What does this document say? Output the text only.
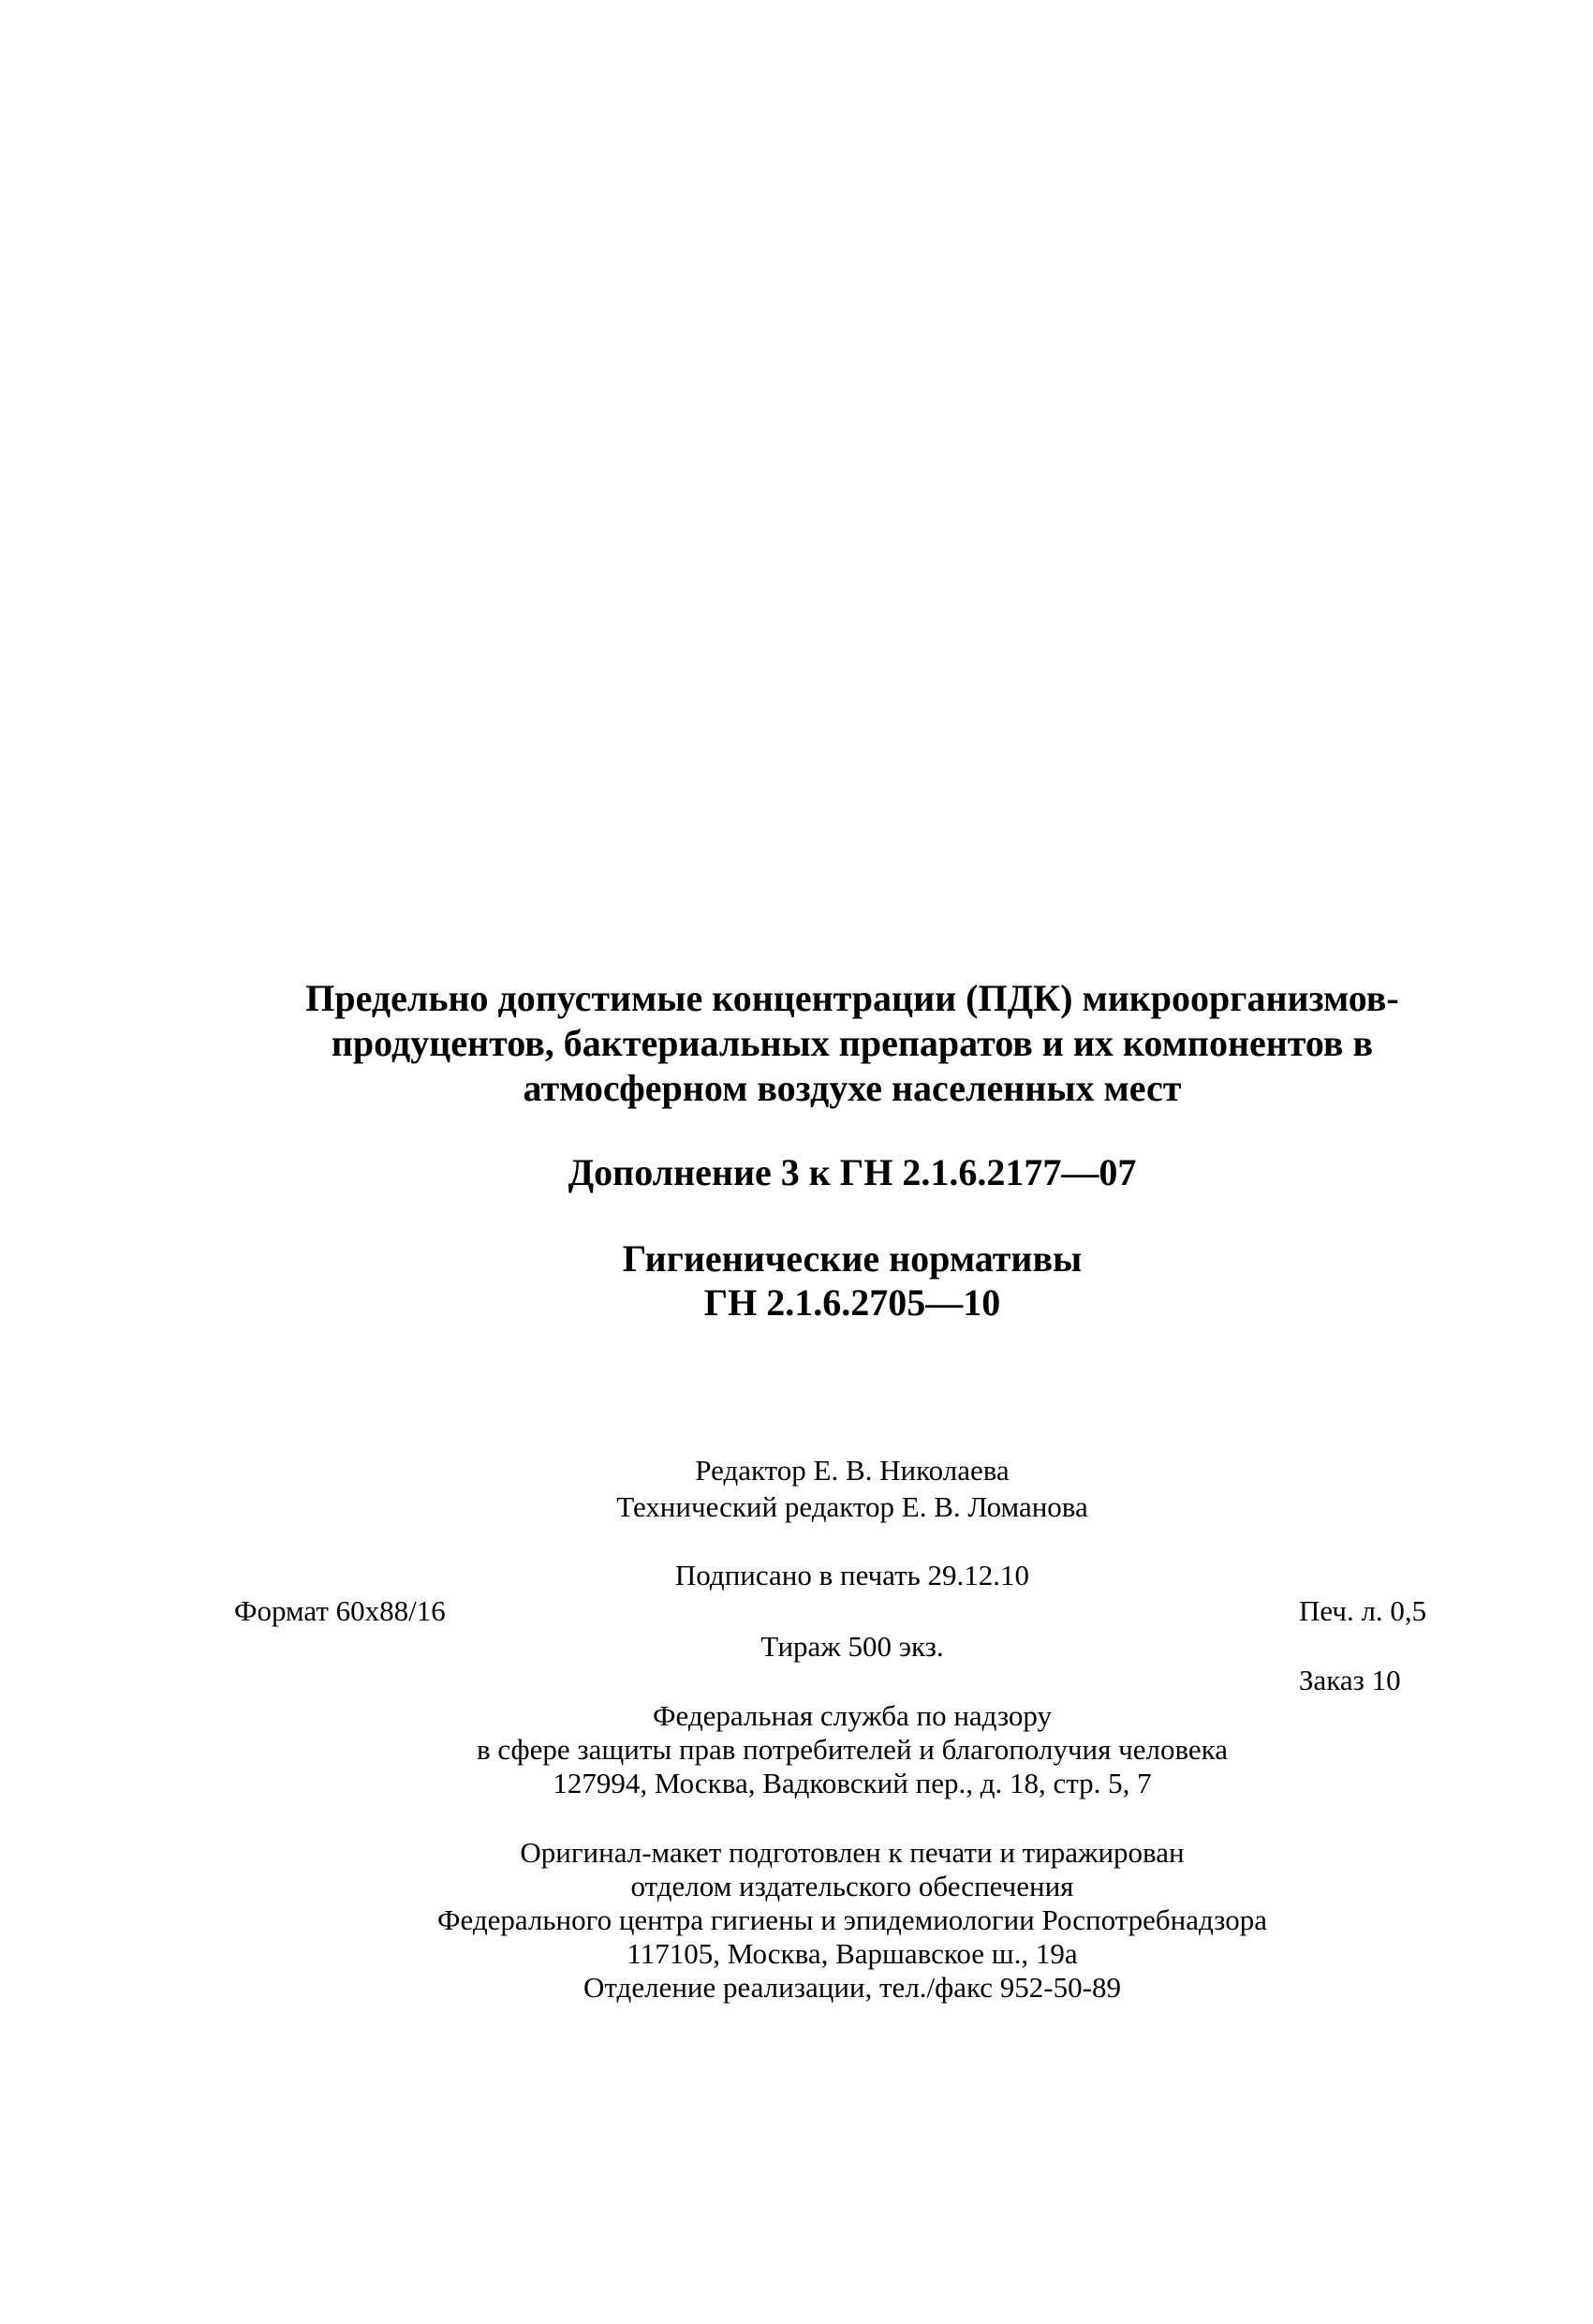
Предельно допустимые концентрации (ПДК) микроорганизмов-
продуцентов, бактериальных препаратов и их компонентов в
атмосферном воздухе населенных мест
Дополнение 3 к ГН 2.1.6.2177—07
Гигиенические нормативы
ГН 2.1.6.2705—10
Редактор Е. В. Николаева
Технический редактор Е. В. Ломанова
Подписано в печать 29.12.10
Формат 60x88/16	Печ. л. 0,5
Тираж 500 экз.
Заказ 10
Федеральная служба по надзору
в сфере защиты прав потребителей и благополучия человека
127994, Москва, Вадковский пер., д. 18, стр. 5, 7
Оригинал-макет подготовлен к печати и тиражирован
отделом издательского обеспечения
Федерального центра гигиены и эпидемиологии Роспотребнадзора
117105, Москва, Варшавское ш., 19а
Отделение реализации, тел./факс 952-50-89
